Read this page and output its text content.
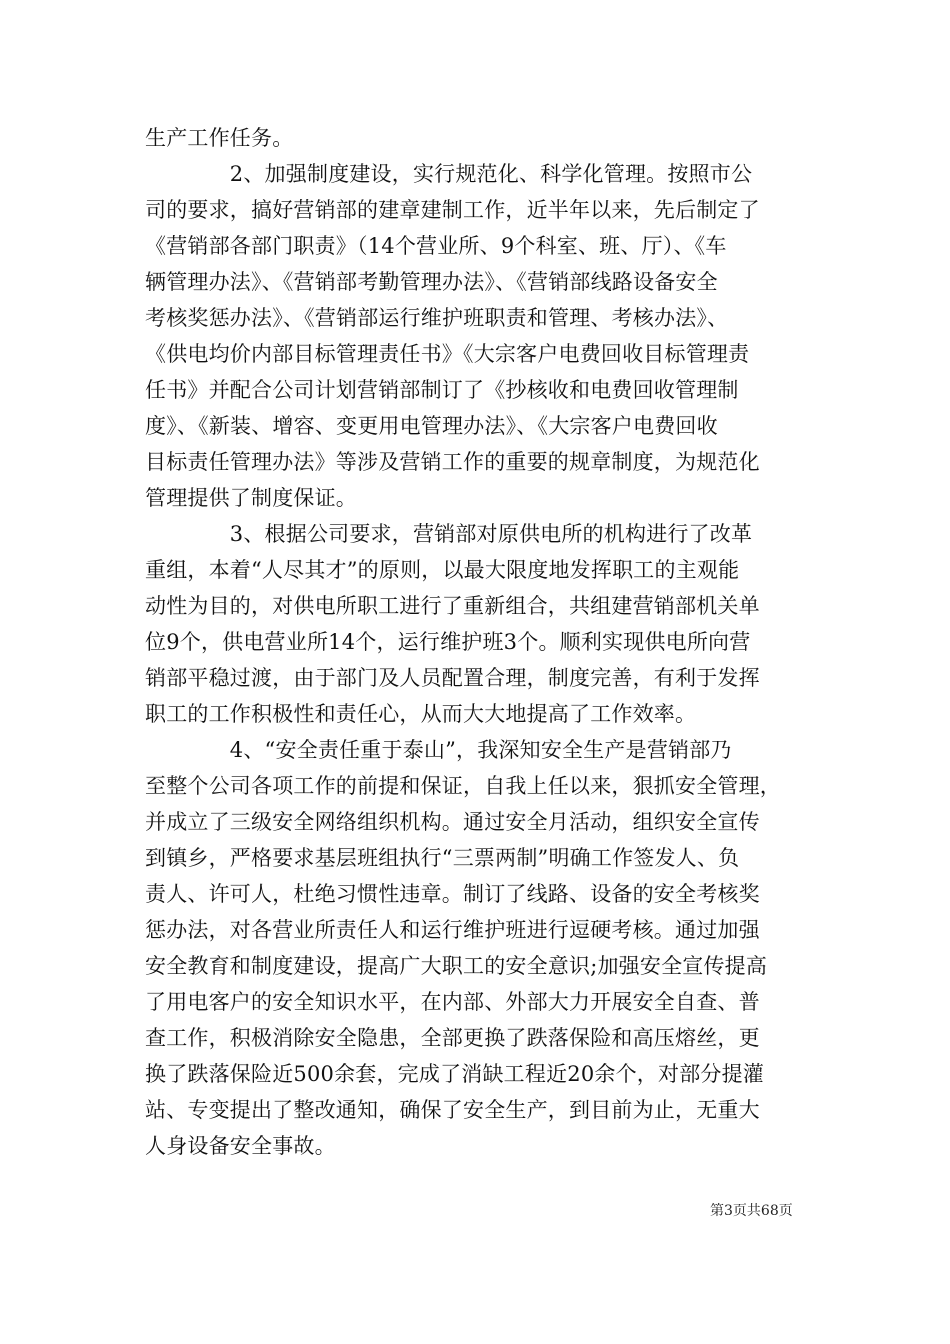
生产工作任务。
　　　　2、加强制度建设，实行规范化、科学化管理。按照市公
司的要求，搞好营销部的建章建制工作，近半年以来，先后制定了
《营销部各部门职责》（14个营业所、9个科室、班、厅）、《车
辆管理办法》、《营销部考勤管理办法》、《营销部线路设备安全
考核奖惩办法》、《营销部运行维护班职责和管理、考核办法》、
《供电均价内部目标管理责任书》《大宗客户电费回收目标管理责
任书》并配合公司计划营销部制订了《抄核收和电费回收管理制
度》、《新装、增容、变更用电管理办法》、《大宗客户电费回收
目标责任管理办法》等涉及营销工作的重要的规章制度，为规范化
管理提供了制度保证。
　　　　3、根据公司要求，营销部对原供电所的机构进行了改革
重组，本着“人尽其才”的原则，以最大限度地发挥职工的主观能
动性为目的，对供电所职工进行了重新组合，共组建营销部机关单
位9个，供电营业所14个，运行维护班3个。顺利实现供电所向营
销部平稳过渡，由于部门及人员配置合理，制度完善，有利于发挥
职工的工作积极性和责任心，从而大大地提高了工作效率。
　　　　4、“安全责任重于泰山”，我深知安全生产是营销部乃
至整个公司各项工作的前提和保证，自我上任以来，狠抓安全管理，
并成立了三级安全网络组织机构。通过安全月活动，组织安全宣传
到镇乡，严格要求基层班组执行“三票两制”明确工作签发人、负
责人、许可人，杜绝习惯性违章。制订了线路、设备的安全考核奖
惩办法，对各营业所责任人和运行维护班进行逗硬考核。通过加强
安全教育和制度建设，提高广大职工的安全意识;加强安全宣传提高
了用电客户的安全知识水平，在内部、外部大力开展安全自查、普
查工作，积极消除安全隐患，全部更换了跌落保险和高压熔丝，更
换了跌落保险近500余套，完成了消缺工程近20余个，对部分提灌
站、专变提出了整改通知，确保了安全生产，到目前为止，无重大
人身设备安全事故。
第3页共68页
